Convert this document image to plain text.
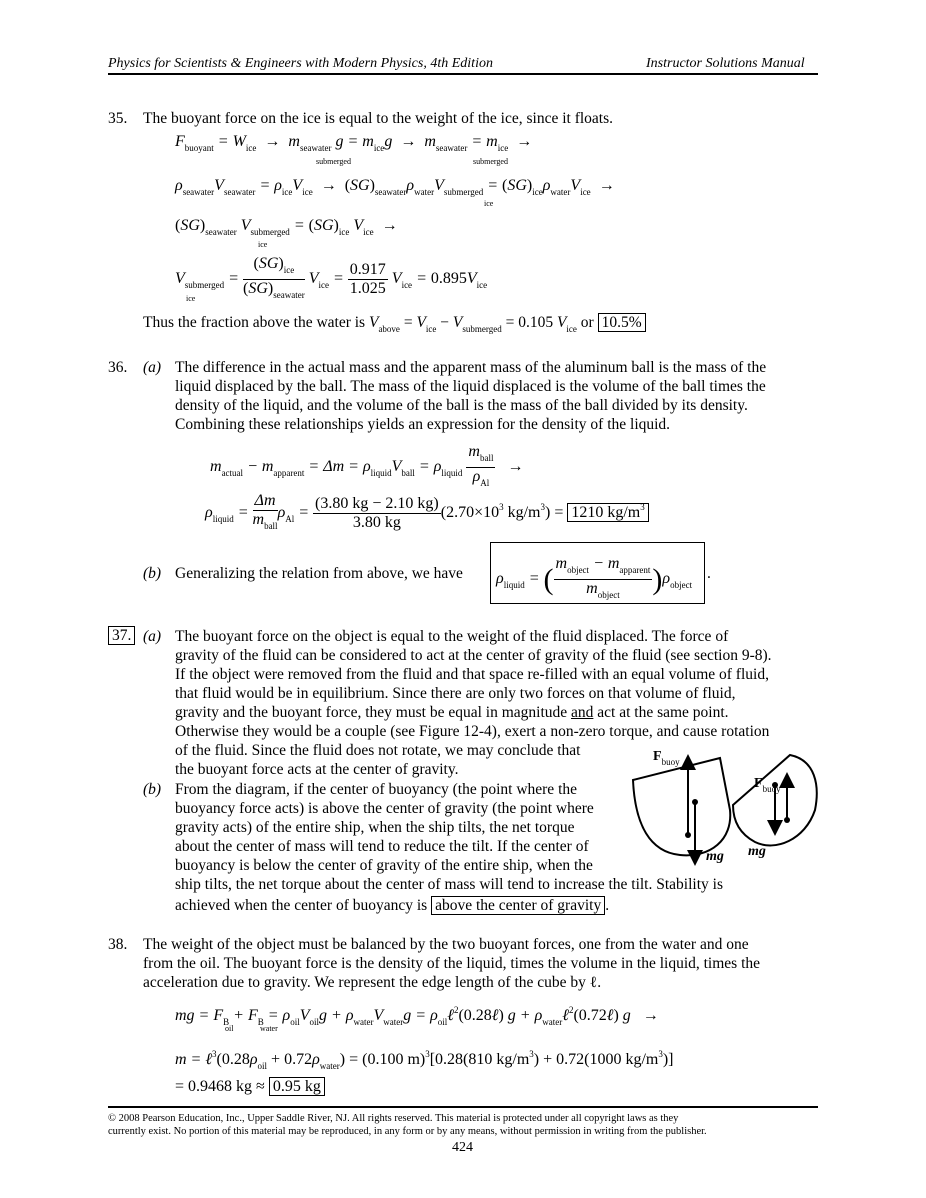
Physics for Scientists & Engineers with Modern Physics, 4th Edition	Instructor Solutions Manual
35. The buoyant force on the ice is equal to the weight of the ice, since it floats.
$F_{buoyant} = W_{ice} \to m_{seawater}$ $g = m_{ice}g \to m_{seawater} = m_{ice}$  →
submerged	submerged
$\rho_{seawater}V_{seawater} = \rho_{ice}V_{ice} \to (SG)_{seawater}\rho_{water}V_{submerged} = (SG)_{ice}\rho_{water}V_{ice}$  →
ice
$(SG)_{seawater}$ $V_{submerged} = (SG)_{ice}$ $V_{ice}$  →
ice
$V_{submerged}$ =
ice	$\frac{(SG)_{ice}}{(SG)_{seawater}} V_{ice} = \frac{0.917}{1.025} V_{ice} = 0.895V_{ice}$
Thus the fraction above the water is $V_{above} = V_{ice} - V_{submerged} = 0.105$ $V_{ice}$ or 10.5%
36. (a) The difference in the actual mass and the apparent mass of the aluminum ball is the mass of the
liquid displaced by the ball. The mass of the liquid displaced is the volume of the ball times the
density of the liquid, and the volume of the ball is the mass of the ball divided by its density.
Combining these relationships yields an expression for the density of the liquid.
$m_{actual} - m_{apparent} = \Delta m = \rho_{liquid}V_{ball} = \rho_{liquid} \frac{m_{ball}}{\rho_{Al}}$ →
$\rho_{liquid} = \frac{\Delta m}{m_{ball}} \rho_{Al} = \frac{(3.80 kg - 2.10 kg)}{3.80 kg} (2.70\times 10^3$ $kg/m^3) = 1210$ $kg/m^3$
(b) Generalizing the relation from above, we have $\rho_{liquid}$ = ( $\frac{m_{object} - m_{apparent}}{m_{object}} )\rho_{object}$
.
37. (a) The buoyant force on the object is equal to the weight of the fluid displaced. The force of
gravity of the fluid can be considered to act at the center of gravity of the fluid (see section 9-8).
If the object were removed from the fluid and that space re-filled with an equal volume of fluid,
that fluid would be in equilibrium. Since there are only two forces on that volume of fluid,
gravity and the buoyant force, they must be equal in magnitude and act at the same point.
Otherwise they would be a couple (see Figure 12-4), exert a non-zero torque, and cause rotation
of the fluid. Since the fluid does not rotate, we may conclude that
the buoyant force acts at the center of gravity.
(b) From the diagram, if the center of buoyancy (the point where the
buoyancy force acts) is above the center of gravity (the point where
gravity acts) of the entire ship, when the ship tilts, the net torque
about the center of mass will tend to reduce the tilt. If the center of
buoyancy is below the center of gravity of the entire ship, when the
ship tilts, the net torque about the center of mass will tend to increase the tilt. Stability is
achieved when the center of buoyancy is above the center of gravity .
$F_{buoy}$
$F_{buoy}$
mg mg
38. The weight of the object must be balanced by the two buoyant forces, one from the water and one
from the oil. The buoyant force is the density of the liquid, times the volume in the liquid, times the
acceleration due to gravity. We represent the edge length of the cube by ℓ.
mg = $F_B + F_B = \rho_{oil}V_{oil}g + \rho_{water}V_{water}g$ = $\rho_{oil}\ell^2(0.28\ell) g$ + $\rho_{water}\ell^2(0.72\ell) g$   →
oil	water
$m = \ell^3(0.28\rho_{oil} + 0.72\rho_{water}) = (0.100$ m)$^3$[0.28(810 $kg/m^3) + 0.72(1000$ $kg/m^3$)]
= 0.9468 kg ≈ 0.95 kg
© 2008 Pearson Education, Inc., Upper Saddle River, NJ. All rights reserved. This material is protected under all copyright laws as they
currently exist. No portion of this material may be reproduced, in any form or by any means, without permission in writing from the publisher.
424
